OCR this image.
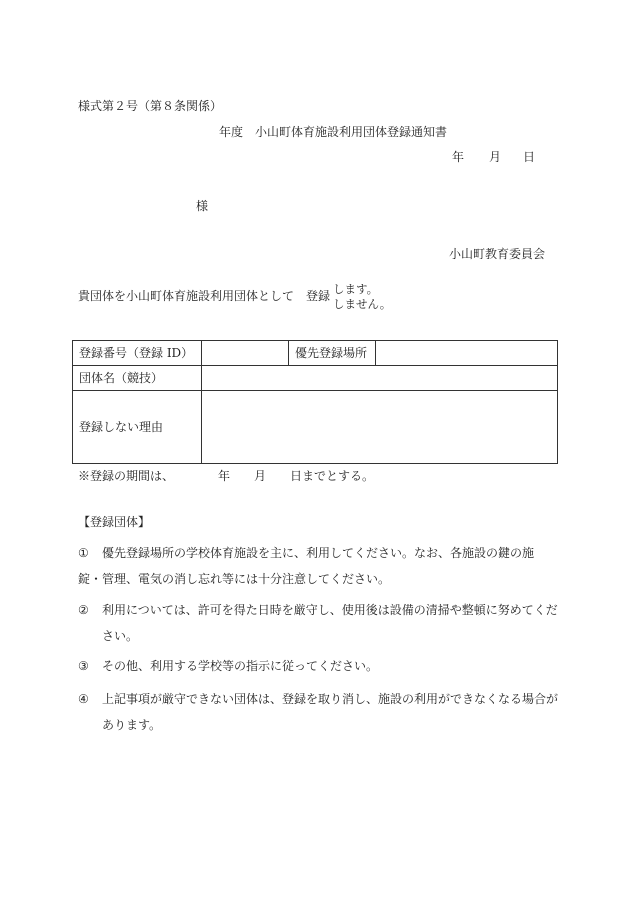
様式第２号（第８条関係）
年度　小山町体育施設利用団体登録通知書
年 月 日
様
小山町教育委員会
貴団体を小山町体育施設利用団体として　登録 します。
しません。
登録番号（登録 ID）		優先登録場所	
団体名（競技）			
登録しない理由			
※登録の期間は、	年 月 日までとする。
【登録団体】
①	優先登録場所の学校体育施設を主に、利用してください。なお、各施設の鍵の施錠・管理、電気の消し忘れ等には十分注意してください。
② 利用については、許可を得た日時を厳守し、使用後は設備の清掃や整頓に努めてください。
③ その他、利用する学校等の指示に従ってください。
④ 上記事項が厳守できない団体は、登録を取り消し、施設の利用ができなくなる場合があります。
